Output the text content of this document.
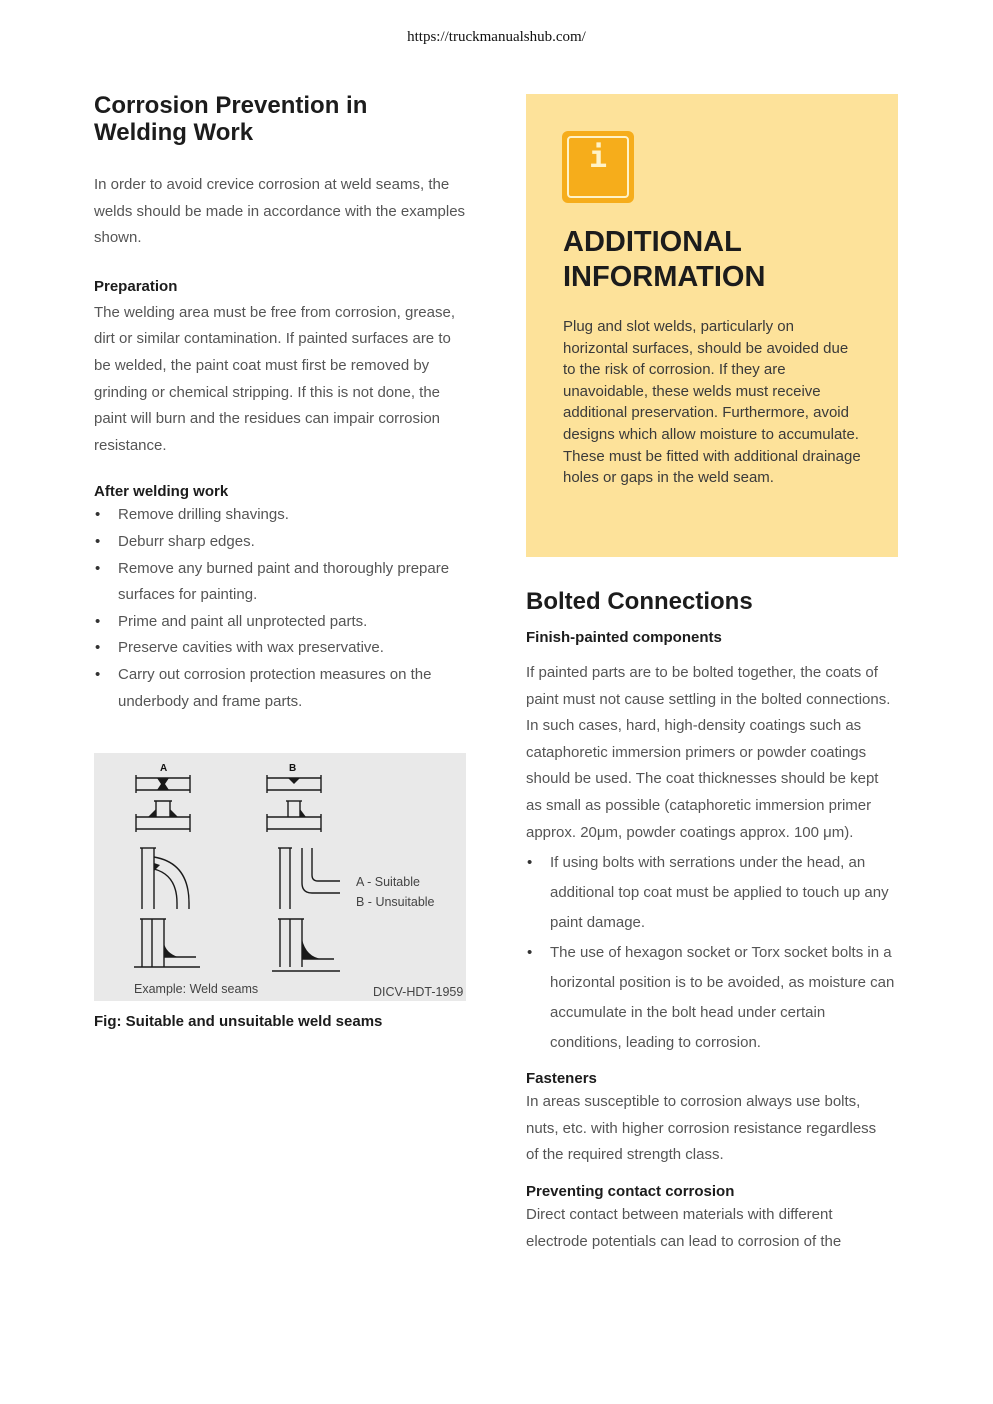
https://truckmanualshub.com/
Corrosion Prevention in Welding Work

In order to avoid crevice corrosion at weld seams, the welds should be made in accordance with the examples shown.

Preparation

The welding area must be free from corrosion, grease, dirt or similar contamination. If painted surfaces are to be welded, the paint coat must first be removed by grinding or chemical stripping. If this is not done, the paint will burn and the residues can impair corrosion resistance.

After welding work
• Remove drilling shavings.
• Deburr sharp edges.
• Remove any burned paint and thoroughly prepare surfaces for painting.
• Prime and paint all unprotected parts.
• Preserve cavities with wax preservative.
• Carry out corrosion protection measures on the underbody and frame parts.
A	B
A - Suitable
B - Unsuitable
Example: Weld seams	DICV-HDT-1959
Fig: Suitable and unsuitable weld seams
i
ADDITIONAL INFORMATION
Plug and slot welds, particularly on horizontal surfaces, should be avoided due to the risk of corrosion. If they are unavoidable, these welds must receive additional preservation. Furthermore, avoid designs which allow moisture to accumulate. These must be fitted with additional drainage holes or gaps in the weld seam.
Bolted Connections
Finish-painted components

If painted parts are to be bolted together, the coats of paint must not cause settling in the bolted connections. In such cases, hard, high-density coatings such as cataphoretic immersion primers or powder coatings should be used. The coat thicknesses should be kept as small as possible (cataphoretic immersion primer approx. 20μm, powder coatings approx. 100 μm).

• If using bolts with serrations under the head, an additional top coat must be applied to touch up any paint damage.
• The use of hexagon socket or Torx socket bolts in a horizontal position is to be avoided, as moisture can accumulate in the bolt head under certain conditions, leading to corrosion.
Fasteners

In areas susceptible to corrosion always use bolts, nuts, etc. with higher corrosion resistance regardless of the required strength class.

Preventing contact corrosion

Direct contact between materials with different electrode potentials can lead to corrosion of the
